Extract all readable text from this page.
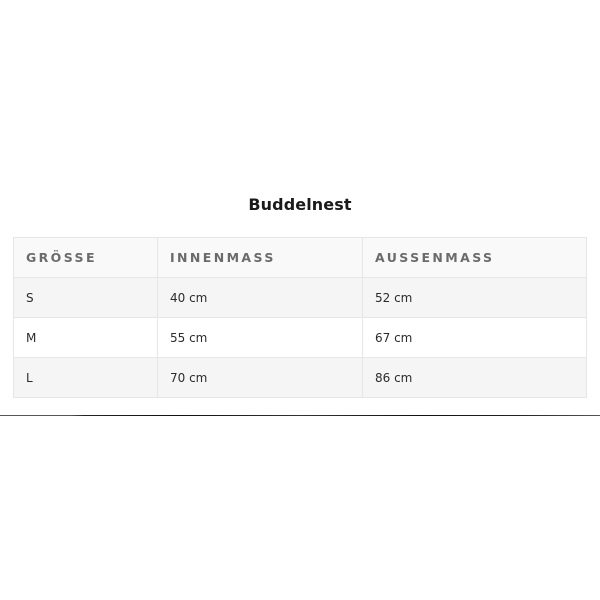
Buddelnest
GRÖSSE	INNENMASS	AUSSENMASS
S	40 cm	52 cm
M	55 cm	67 cm
L	70 cm	86 cm
